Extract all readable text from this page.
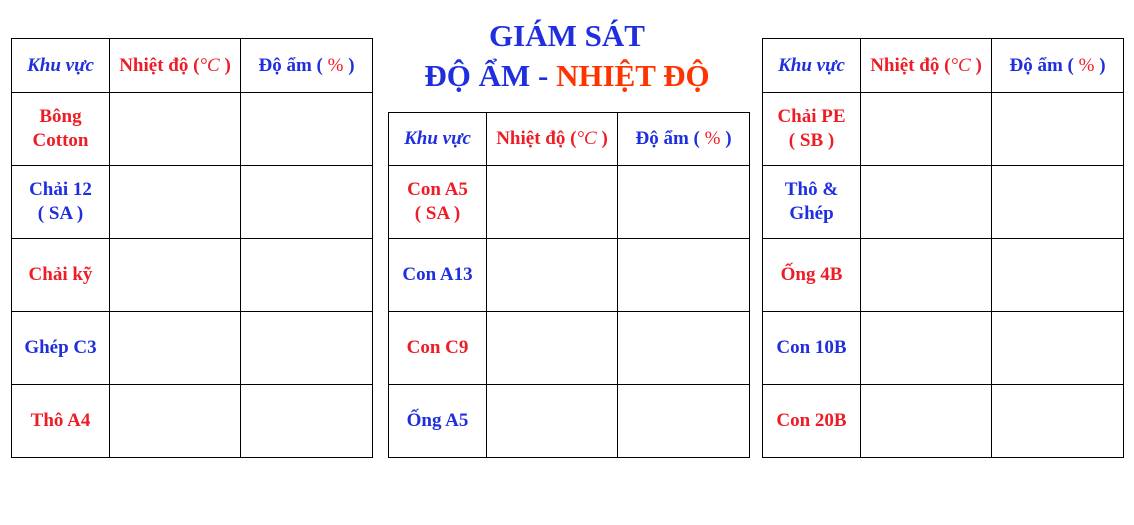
GIÁM SÁT
ĐỘ ẨM - NHIỆT ĐỘ
Khu vực	Nhiệt độ (°C )	Độ ẩm ( % )

Bông
Cotton		

Chải 12
( SA )		

Chải kỹ		

Ghép C3		

Thô A4		

Khu vực	Nhiệt độ (°C )	Độ ẩm ( % )

Con A5
( SA )		

Con A13		

Con C9		

Ống A5		

Khu vực	Nhiệt độ (°C )	Độ ẩm ( % )

Chải PE
( SB )		

Thô &
Ghép		

Ống 4B		

Con 10B		

Con 20B		
